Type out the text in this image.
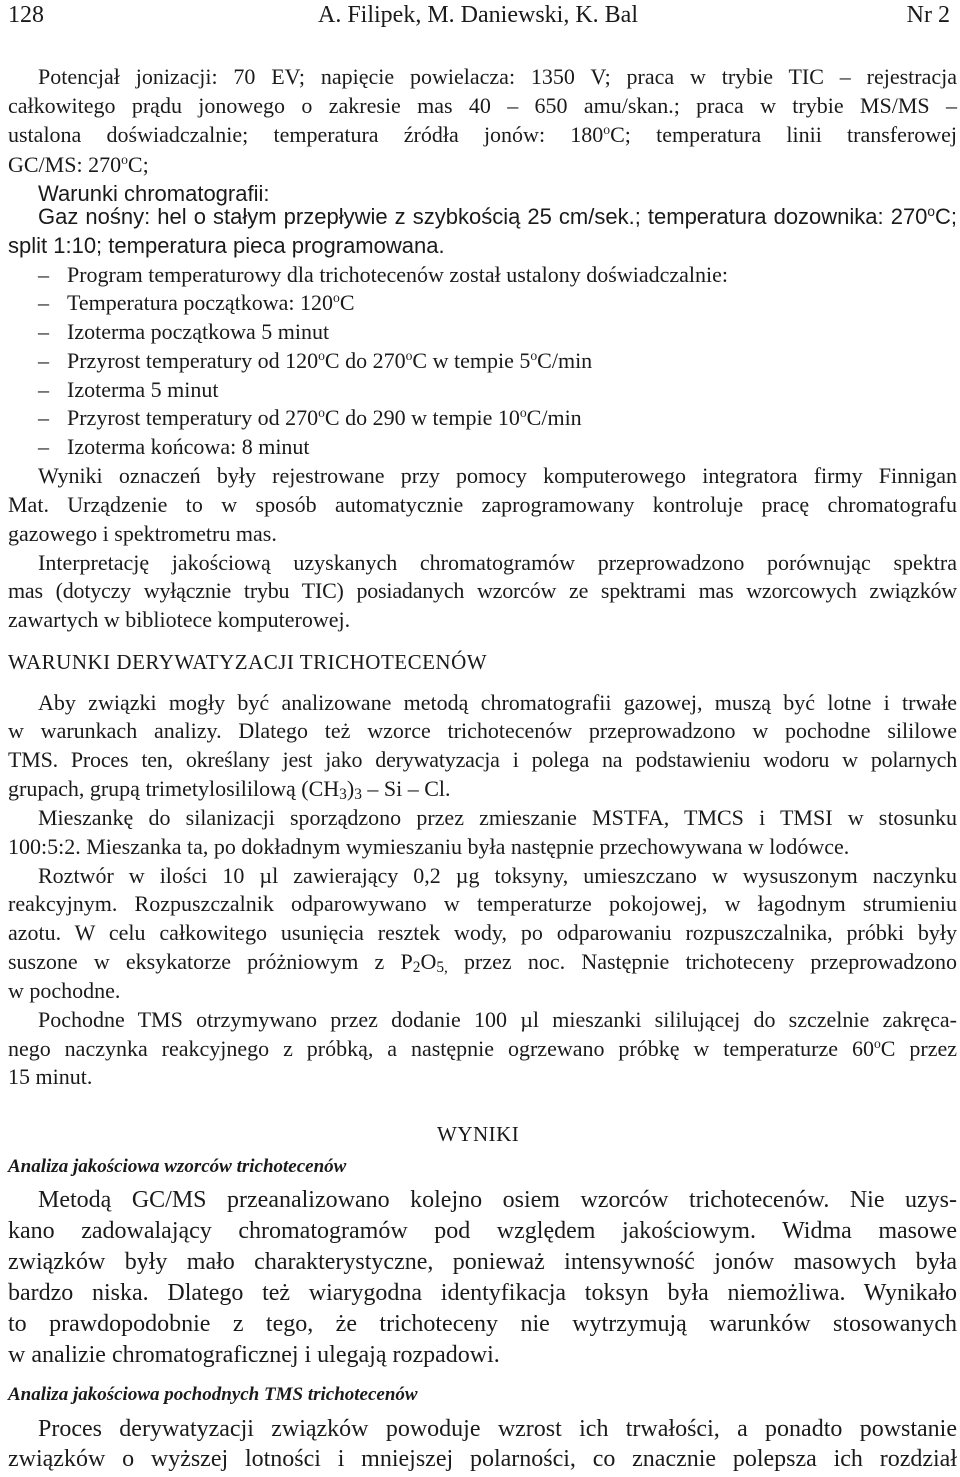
128	A. Filipek, M. Daniewski, K. Bal	Nr 2
Potencjał jonizacji: 70 EV; napięcie powielacza: 1350 V; praca w trybie TIC – rejestracja
całkowitego prądu jonowego o zakresie mas 40 – 650 amu/skan.; praca w trybie MS/MS –
ustalona doświadczalnie; temperatura źródła jonów: 180$^o$C; temperatura linii transferowej
GC/MS: 270$^o$C;
Warunki chromatografii:
Gaz nośny: hel o stałym przepływie z szybkością 25 cm/sek.; temperatura dozownika: 270$^o$C;
split 1:10; temperatura pieca programowana.
– Program temperaturowy dla trichotecenów został ustalony doświadczalnie:
– Temperatura początkowa: 120$^o$C
– Izoterma początkowa 5 minut
– Przyrost temperatury od 120$^o$C do 270$^o$C w tempie 5$^o$C/min
– Izoterma 5 minut
– Przyrost temperatury od 270$^o$C do 290 w tempie 10$^o$C/min
– Izoterma końcowa: 8 minut
Wyniki oznaczeń były rejestrowane przy pomocy komputerowego integratora firmy Finnigan
Mat. Urządzenie to w sposób automatycznie zaprogramowany kontroluje pracę chromatografu
gazowego i spektrometru mas.
Interpretację jakościową uzyskanych chromatogramów przeprowadzono porównując spektra
mas (dotyczy wyłącznie trybu TIC) posiadanych wzorców ze spektrami mas wzorcowych związków
zawartych w bibliotece komputerowej.
WARUNKI DERYWATYZACJI TRICHOTECENÓW
Aby związki mogły być analizowane metodą chromatografii gazowej, muszą być lotne i trwałe
w warunkach analizy. Dlatego też wzorce trichotecenów przeprowadzono w pochodne sililowe
TMS. Proces ten, określany jest jako derywatyzacja i polega na podstawieniu wodoru w polarnych
grupach, grupą trimetylosililową $(CH_3)_3$ – Si – Cl.
Mieszankę do silanizacji sporządzono przez zmieszanie MSTFA, TMCS i TMSI w stosunku
100:5:2. Mieszanka ta, po dokładnym wymieszaniu była następnie przechowywana w lodówce.
Roztwór w ilości 10 µl zawierający 0,2 µg toksyny, umieszczano w wysuszonym naczynku
reakcyjnym. Rozpuszczalnik odparowywano w temperaturze pokojowej, w łagodnym strumieniu
azotu. W celu całkowitego usunięcia resztek wody, po odparowaniu rozpuszczalnika, próbki były
suszone w eksykatorze próżniowym z $P_2O_{5,}$ przez noc. Następnie trichoteceny przeprowadzono
w pochodne.
Pochodne TMS otrzymywano przez dodanie 100 µl mieszanki sililującej do szczelnie zakręca-
nego naczynka reakcyjnego z próbką, a następnie ogrzewano próbkę w temperaturze 60$^o$C przez
15 minut.
WYNIKI
Analiza jakościowa wzorców trichotecenów
Metodą GC/MS przeanalizowano kolejno osiem wzorców trichotecenów. Nie uzys-
kano zadowalający chromatogramów pod względem jakościowym. Widma masowe
związków były mało charakterystyczne, ponieważ intensywność jonów masowych była
bardzo niska. Dlatego też wiarygodna identyfikacja toksyn była niemożliwa. Wynikało
to prawdopodobnie z tego, że trichoteceny nie wytrzymują warunków stosowanych
w analizie chromatograficznej i ulegają rozpadowi.
Analiza jakościowa pochodnych TMS trichotecenów
Proces derywatyzacji związków powoduje wzrost ich trwałości, a ponadto powstanie
związków o wyższej lotności i mniejszej polarności, co znacznie polepsza ich rozdział
